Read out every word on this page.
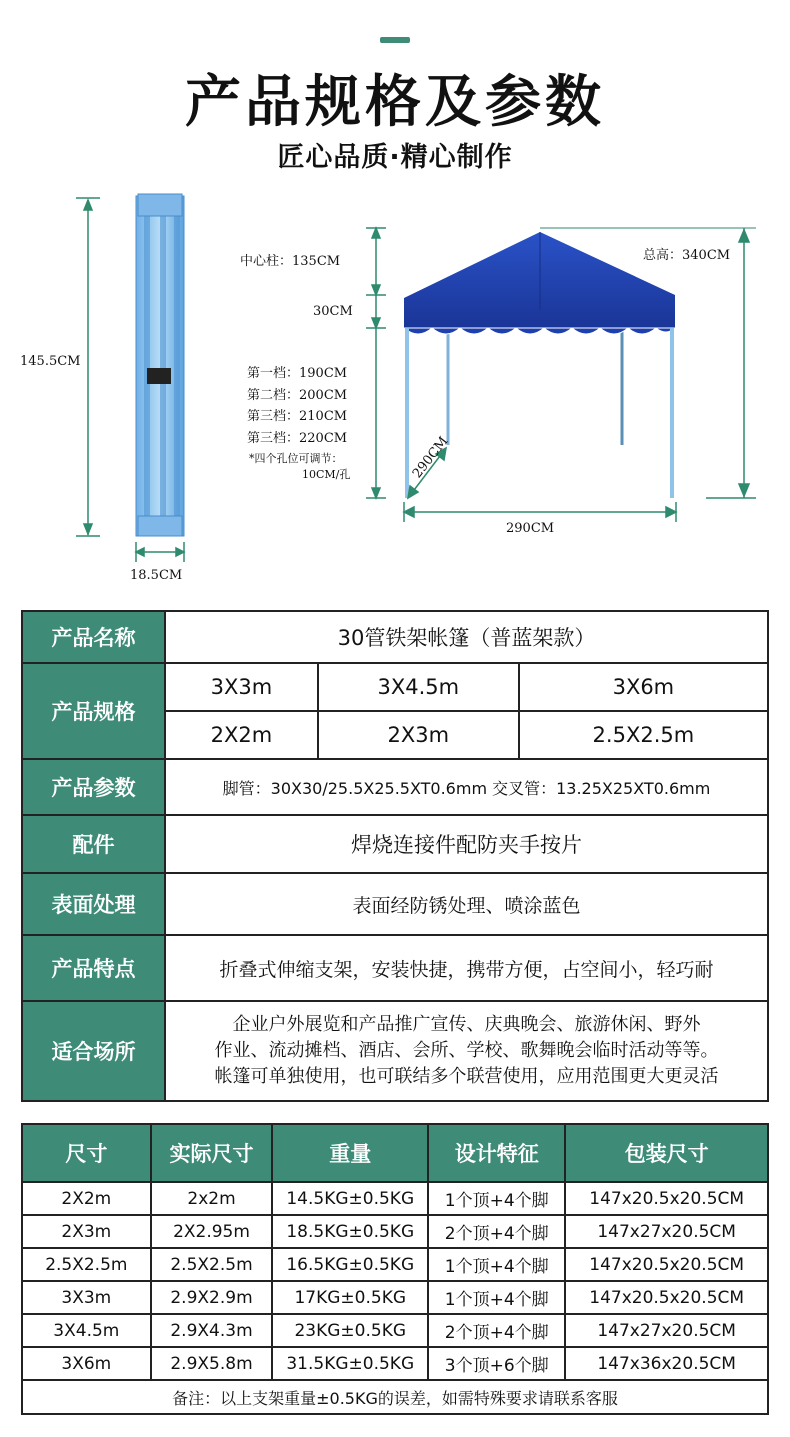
产品规格及参数
匠心品质·精心制作
145.5CM
18.5CM
中心柱：135CM
30CM
总高：340CM
第一档：190CM
第二档：200CM
第三档：210CM
第三档：220CM
*四个孔位可调节：
10CM/孔	290CM
290CM
产品名称	30管铁架帐篷（普蓝架款）		
产品规格	3X3m	3X4.5m	3X6m
	2X2m	2X3m	2.5X2.5m
产品参数	脚管：30X30/25.5X25.5XT0.6mm 交叉管：13.25X25XT0.6mm		
配件	焊烧连接件配防夹手按片		
表面处理	表面经防锈处理、喷涂蓝色		
产品特点	折叠式伸缩支架，安装快捷，携带方便，占空间小，轻巧耐		
适合场所	企业户外展览和产品推广宣传、庆典晚会、旅游休闲、野外
作业、流动摊档、酒店、会所、学校、歌舞晚会临时活动等等。
帐篷可单独使用，也可联结多个联营使用，应用范围更大更灵活		
尺寸	实际尺寸	重量	设计特征	包装尺寸
2X2m	2x2m	14.5KG±0.5KG	1个顶+4个脚	147x20.5x20.5CM
2X3m	2X2.95m	18.5KG±0.5KG	2个顶+4个脚	147x27x20.5CM
2.5X2.5m	2.5X2.5m	16.5KG±0.5KG	1个顶+4个脚	147x20.5x20.5CM
3X3m	2.9X2.9m	17KG±0.5KG	1个顶+4个脚	147x20.5x20.5CM
3X4.5m	2.9X4.3m	23KG±0.5KG	2个顶+4个脚	147x27x20.5CM
3X6m	2.9X5.8m	31.5KG±0.5KG	3个顶+6个脚	147x36x20.5CM
备注：以上支架重量±0.5KG的误差，如需特殊要求请联系客服				
